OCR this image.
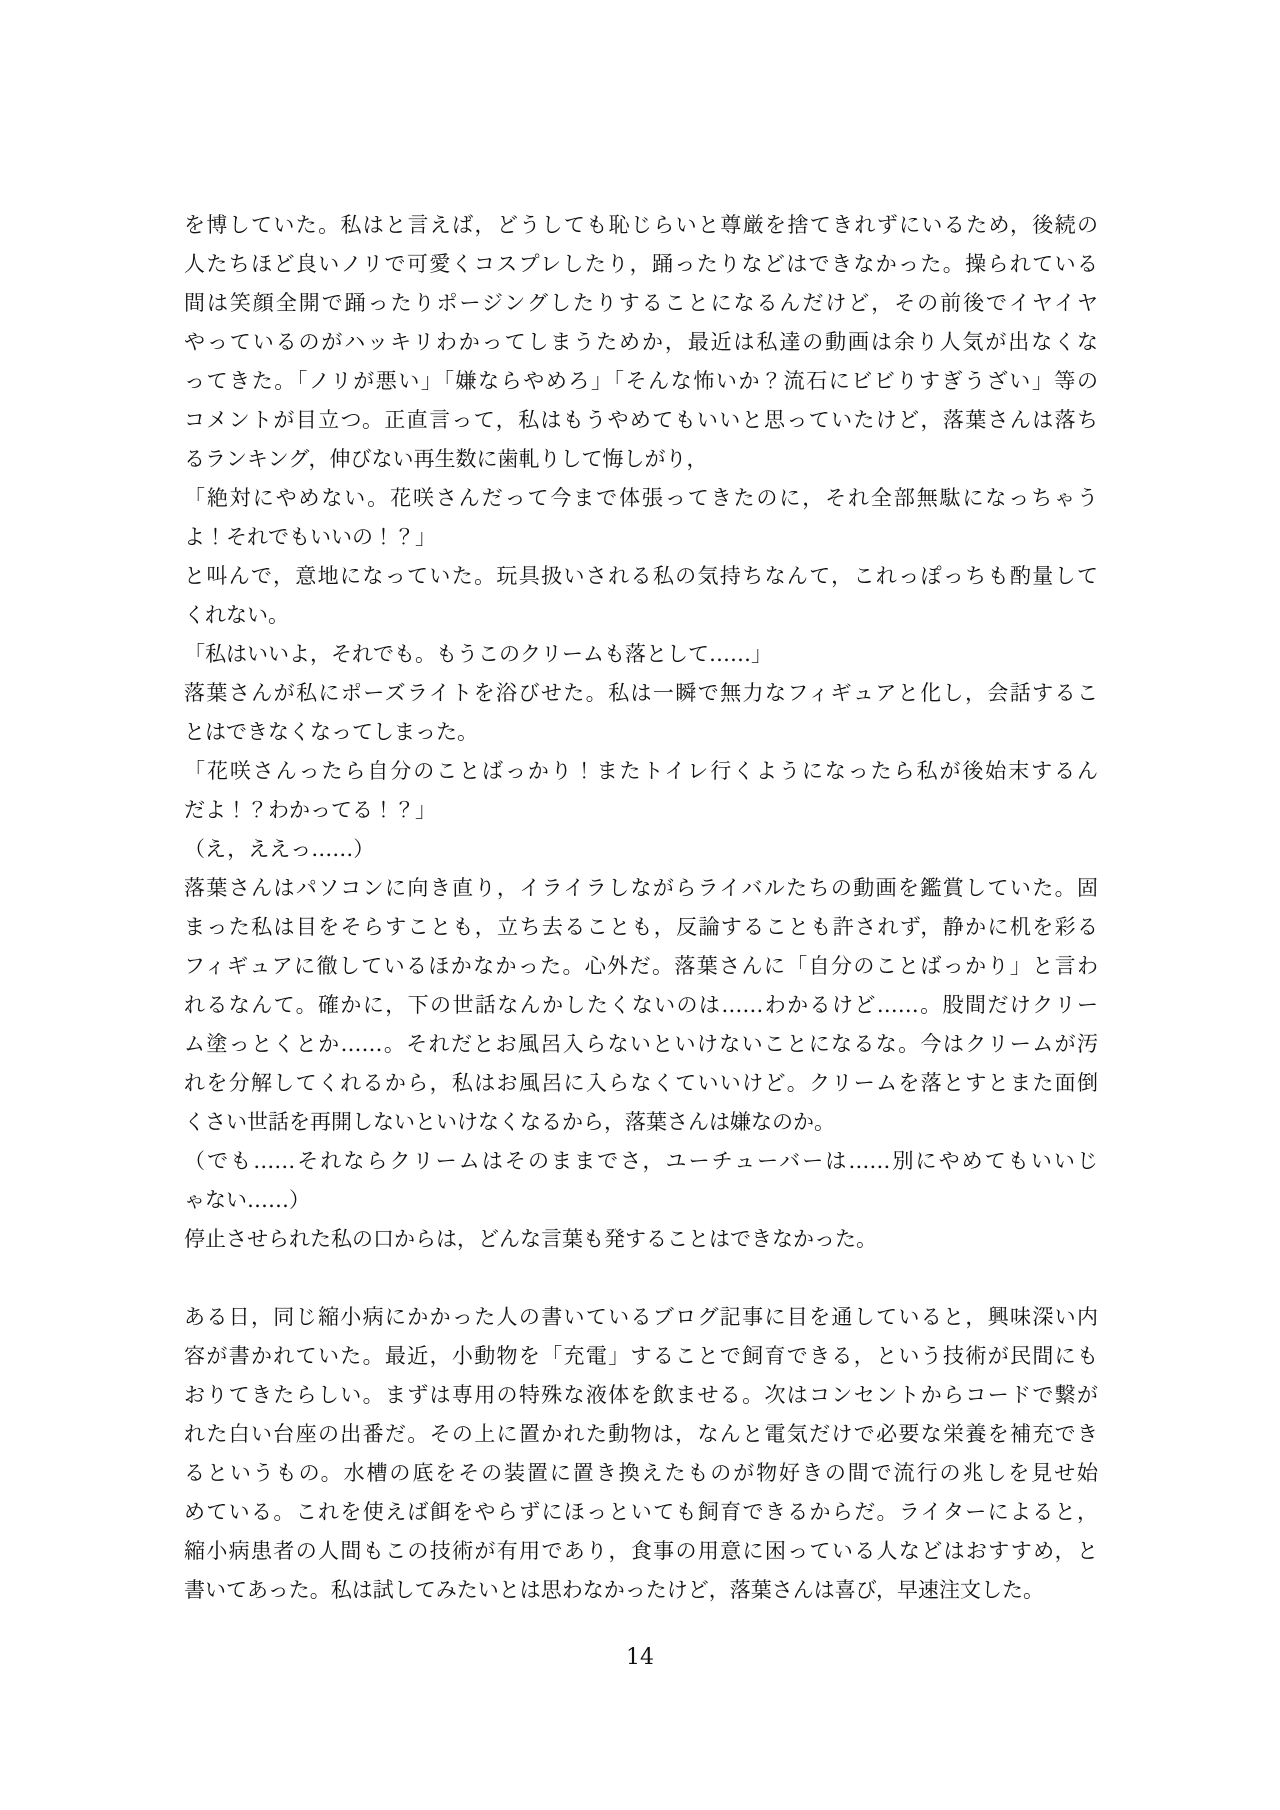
を博していた。私はと言えば，どうしても恥じらいと尊厳を捨てきれずにいるため，後続の
人たちほど良いノリで可愛くコスプレしたり，踊ったりなどはできなかった。操られている
間は笑顔全開で踊ったりポージングしたりすることになるんだけど，その前後でイヤイヤ
やっているのがハッキリわかってしまうためか，最近は私達の動画は余り人気が出なくな
ってきた。「ノリが悪い」「嫌ならやめろ」「そんな怖いか？流石にビビりすぎうざい」等の
コメントが目立つ。正直言って，私はもうやめてもいいと思っていたけど，落葉さんは落ち
るランキング，伸びない再生数に歯軋りして悔しがり，
「絶対にやめない。花咲さんだって今まで体張ってきたのに，それ全部無駄になっちゃう
よ！それでもいいの！？」
と叫んで，意地になっていた。玩具扱いされる私の気持ちなんて，これっぽっちも酌量して
くれない。
「私はいいよ，それでも。もうこのクリームも落として……」
落葉さんが私にポーズライトを浴びせた。私は一瞬で無力なフィギュアと化し，会話するこ
とはできなくなってしまった。
「花咲さんったら自分のことばっかり！またトイレ行くようになったら私が後始末するん
だよ！？わかってる！？」
（え，ええっ……）
落葉さんはパソコンに向き直り，イライラしながらライバルたちの動画を鑑賞していた。固
まった私は目をそらすことも，立ち去ることも，反論することも許されず，静かに机を彩る
フィギュアに徹しているほかなかった。心外だ。落葉さんに「自分のことばっかり」と言わ
れるなんて。確かに，下の世話なんかしたくないのは……わかるけど……。股間だけクリー
ム塗っとくとか……。それだとお風呂入らないといけないことになるな。今はクリームが汚
れを分解してくれるから，私はお風呂に入らなくていいけど。クリームを落とすとまた面倒
くさい世話を再開しないといけなくなるから，落葉さんは嫌なのか。
（でも……それならクリームはそのままでさ，ユーチューバーは……別にやめてもいいじ
ゃない……）
停止させられた私の口からは，どんな言葉も発することはできなかった。
ある日，同じ縮小病にかかった人の書いているブログ記事に目を通していると，興味深い内
容が書かれていた。最近，小動物を「充電」することで飼育できる，という技術が民間にも
おりてきたらしい。まずは専用の特殊な液体を飲ませる。次はコンセントからコードで繋が
れた白い台座の出番だ。その上に置かれた動物は，なんと電気だけで必要な栄養を補充でき
るというもの。水槽の底をその装置に置き換えたものが物好きの間で流行の兆しを見せ始
めている。これを使えば餌をやらずにほっといても飼育できるからだ。ライターによると，
縮小病患者の人間もこの技術が有用であり，食事の用意に困っている人などはおすすめ，と
書いてあった。私は試してみたいとは思わなかったけど，落葉さんは喜び，早速注文した。
14
